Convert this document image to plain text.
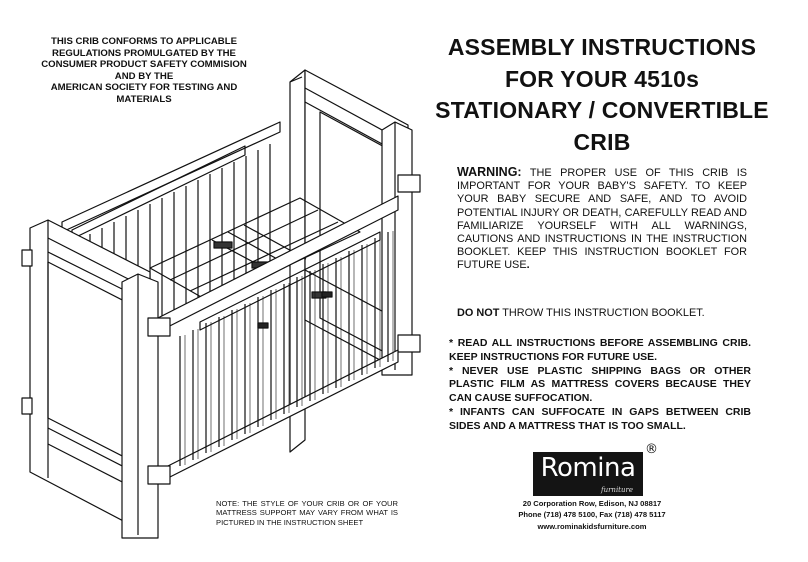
THIS CRIB CONFORMS TO APPLICABLE
REGULATIONS PROMULGATED BY THE
CONSUMER PRODUCT SAFETY COMMISION
AND BY THE
AMERICAN SOCIETY FOR TESTING AND
MATERIALS
ASSEMBLY INSTRUCTIONS
FOR YOUR 4510s
STATIONARY / CONVERTIBLE
CRIB
WARNING: THE PROPER USE OF THIS CRIB IS IMPORTANT FOR YOUR BABY'S SAFETY. TO KEEP YOUR BABY SECURE AND SAFE, AND TO AVOID POTENTIAL INJURY OR DEATH, CAREFULLY READ AND FAMILIARIZE YOURSELF WITH ALL WARNINGS, CAUTIONS AND INSTRUCTIONS IN THE INSTRUCTION BOOKLET. KEEP THIS INSTRUCTION BOOKLET FOR FUTURE USE.
DO NOT THROW THIS INSTRUCTION BOOKLET.

* READ ALL INSTRUCTIONS BEFORE ASSEMBLING CRIB. KEEP INSTRUCTIONS FOR FUTURE USE.

* NEVER USE PLASTIC SHIPPING BAGS OR OTHER PLASTIC FILM AS MATTRESS COVERS BECAUSE THEY CAN CAUSE SUFFOCATION.

* INFANTS CAN SUFFOCATE IN GAPS BETWEEN CRIB SIDES AND A MATTRESS THAT IS TOO SMALL.

Romina
furniture
®
20 Corporation Row, Edison, NJ 08817
Phone (718) 478 5100, Fax (718) 478 5117
www.rominakidsfurniture.com
NOTE: THE STYLE OF YOUR CRIB OR OF YOUR MATTRESS SUPPORT MAY VARY FROM WHAT IS PICTURED IN THE INSTRUCTION SHEET
